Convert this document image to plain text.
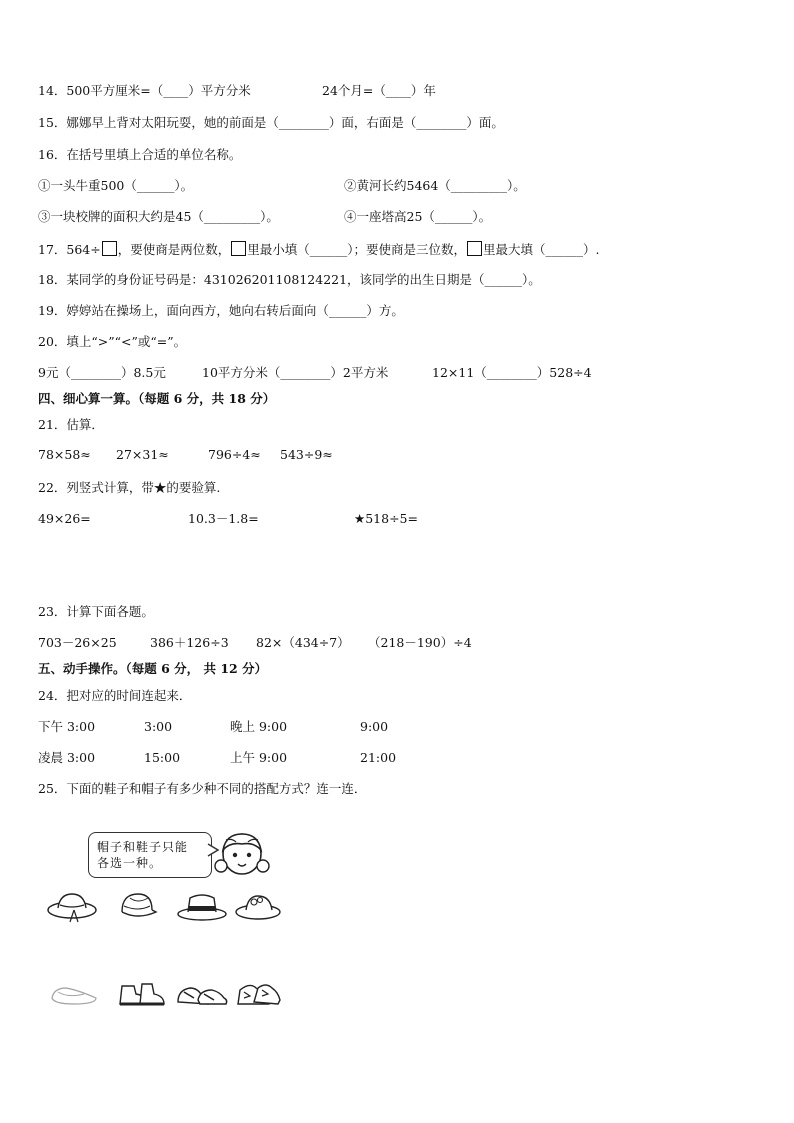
14．500平方厘米=（____）平方分米	24个月=（____）年
15．娜娜早上背对太阳玩耍，她的前面是（________）面，右面是（________）面。
16．在括号里填上合适的单位名称。
①一头牛重500（______）。	②黄河长约5464（_________）。
③一块校牌的面积大约是45（_________）。	④一座塔高25（______）。
17．564÷ ，要使商是两位数， 里最小填（______）；要使商是三位数， 里最大填（______）.
18．某同学的身份证号码是：431026201108124221，该同学的出生日期是（______）。
19．婷婷站在操场上，面向西方，她向右转后面向（______）方。
20．填上“>”“<”或“=”。
9元（________）8.5元	10平方分米（________）2平方米	12×11（________）528÷4
四、细心算一算。（每题 6 分，共 18 分）
21．估算．
78×58≈ 27×31≈	796÷4≈ 543÷9≈
22．列竖式计算，带★的要验算.
49×26=	10.3－1.8=	★518÷5=
23．计算下面各题。
703－26×25	386＋126÷3 82×（434÷7） （218－190）÷4
五、动手操作。（每题 6 分， 共 12 分）
24．把对应的时间连起来．
下午 3:00	3:00	晚上 9:00	9:00
凌晨 3:00	15:00	上午 9:00	21:00
25．下面的鞋子和帽子有多少种不同的搭配方式？连一连．
帽子和鞋子只能
各选一种。
